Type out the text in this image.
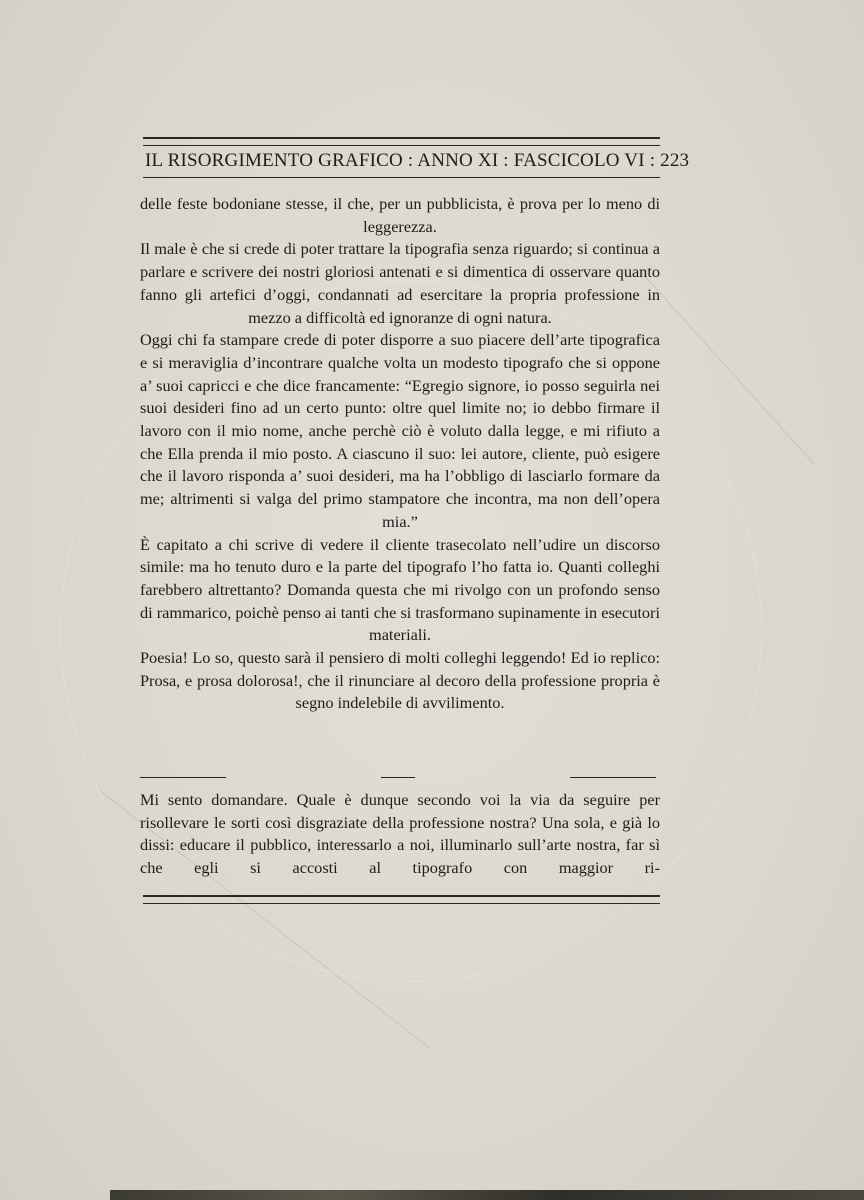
IL RISORGIMENTO GRAFICO : ANNO XI : FASCICOLO VI : 223

delle feste bodoniane stesse, il che, per un pubblicista, è prova per lo meno di leggerezza.

Il male è che si crede di poter trattare la tipografia senza riguardo; si continua a parlare e scrivere dei nostri gloriosi antenati e si dimentica di osservare quanto fanno gli artefici d’oggi, condannati ad esercitare la propria professione in mezzo a difficoltà ed ignoranze di ogni natura.

Oggi chi fa stampare crede di poter disporre a suo piacere dell’arte tipografica e si meraviglia d’incontrare qualche volta un modesto tipografo che si oppone a’ suoi capricci e che dice francamente: “Egregio signore, io posso seguirla nei suoi desideri fino ad un certo punto: oltre quel limite no; io debbo firmare il lavoro con il mio nome, anche perchè ciò è voluto dalla legge, e mi rifiuto a che Ella prenda il mio posto. A ciascuno il suo: lei autore, cliente, può esigere che il lavoro risponda a’ suoi desideri, ma ha l’obbligo di lasciarlo formare da me; altrimenti si valga del primo stampatore che incontra, ma non dell’opera mia.”

È capitato a chi scrive di vedere il cliente trasecolato nell’udire un discorso simile: ma ho tenuto duro e la parte del tipografo l’ho fatta io. Quanti colleghi farebbero altrettanto? Domanda questa che mi rivolgo con un profondo senso di rammarico, poichè penso ai tanti che si trasformano supinamente in esecutori materiali.

Poesia! Lo so, questo sarà il pensiero di molti colleghi leggendo! Ed io replico: Prosa, e prosa dolorosa!, che il rinunciare al decoro della professione propria è segno indelebile di avvilimento.

Mi sento domandare. Quale è dunque secondo voi la via da seguire per risollevare le sorti così disgraziate della professione nostra? Una sola, e già lo dissi: educare il pubblico, interessarlo a noi, illuminarlo sull’arte nostra, far sì che egli si accosti al tipografo con maggior ri-
